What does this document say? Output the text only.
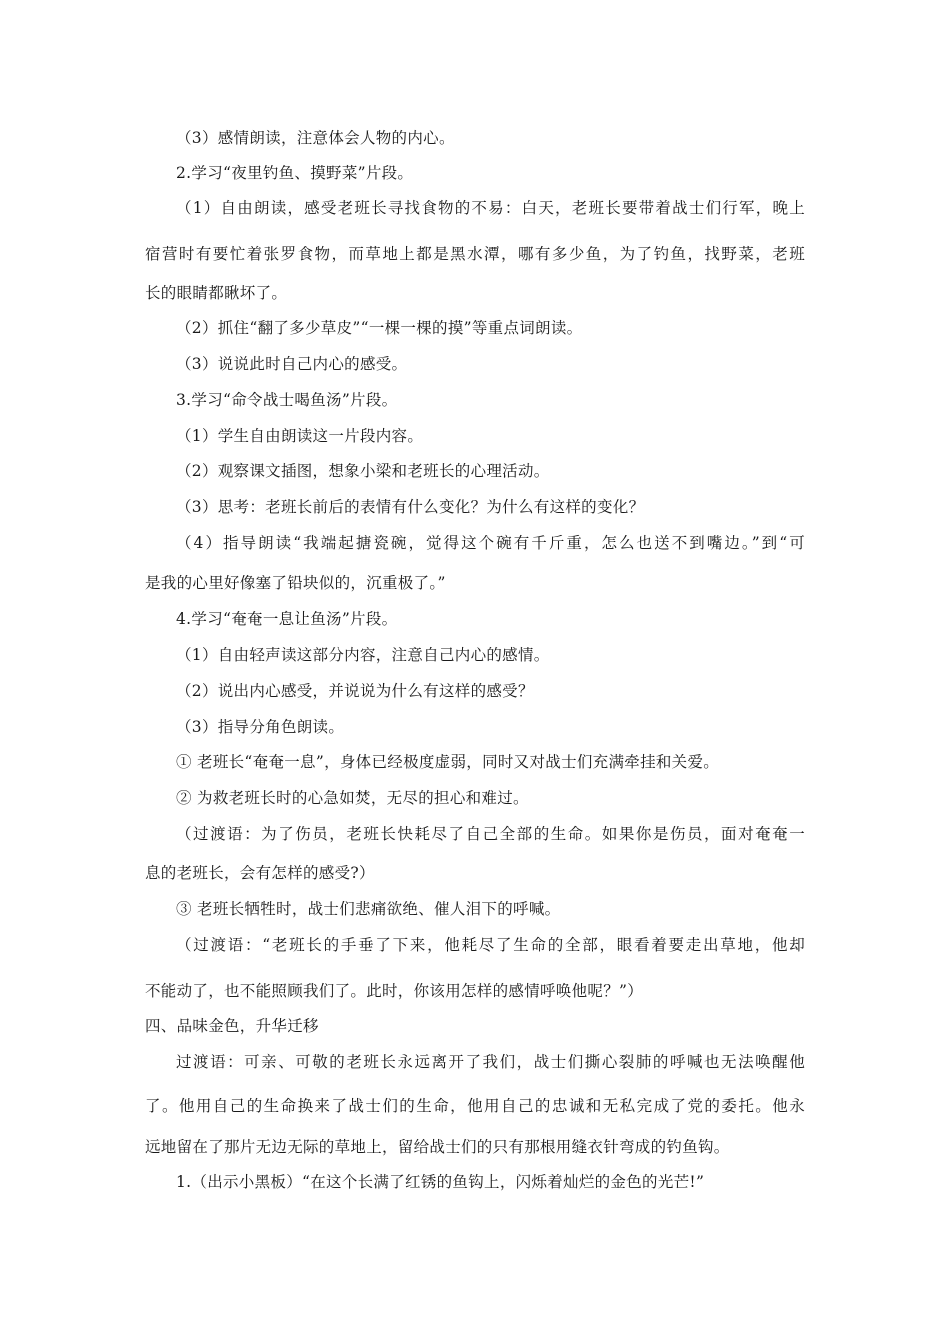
（3）感情朗读，注意体会人物的内心。
2.学习“夜里钓鱼、摸野菜”片段。
（1）自由朗读，感受老班长寻找食物的不易：白天，老班长要带着战士们行军，晚上
宿营时有要忙着张罗食物，而草地上都是黑水潭，哪有多少鱼，为了钓鱼，找野菜，老班
长的眼睛都瞅坏了。
（2）抓住“翻了多少草皮”“一棵一棵的摸”等重点词朗读。
（3）说说此时自己内心的感受。
3.学习“命令战士喝鱼汤”片段。
（1）学生自由朗读这一片段内容。
（2）观察课文插图，想象小梁和老班长的心理活动。
（3）思考：老班长前后的表情有什么变化？为什么有这样的变化？
（4）指导朗读“我端起搪瓷碗，觉得这个碗有千斤重，怎么也送不到嘴边。”到“可
是我的心里好像塞了铅块似的，沉重极了。”
4.学习“奄奄一息让鱼汤”片段。
（1）自由轻声读这部分内容，注意自己内心的感情。
（2）说出内心感受，并说说为什么有这样的感受？
（3）指导分角色朗读。
① 老班长“奄奄一息”，身体已经极度虚弱，同时又对战士们充满牵挂和关爱。
② 为救老班长时的心急如焚，无尽的担心和难过。
（过渡语：为了伤员，老班长快耗尽了自己全部的生命。如果你是伤员，面对奄奄一
息的老班长，会有怎样的感受?）
③ 老班长牺牲时，战士们悲痛欲绝、催人泪下的呼喊。
（过渡语：“老班长的手垂了下来，他耗尽了生命的全部，眼看着要走出草地，他却
不能动了，也不能照顾我们了。此时，你该用怎样的感情呼唤他呢？”）
四、品味金色，升华迁移
过渡语：可亲、可敬的老班长永远离开了我们，战士们撕心裂肺的呼喊也无法唤醒他
了。他用自己的生命换来了战士们的生命，他用自己的忠诚和无私完成了党的委托。他永
远地留在了那片无边无际的草地上，留给战士们的只有那根用缝衣针弯成的钓鱼钩。
1.（出示小黑板）“在这个长满了红锈的鱼钩上，闪烁着灿烂的金色的光芒!”
